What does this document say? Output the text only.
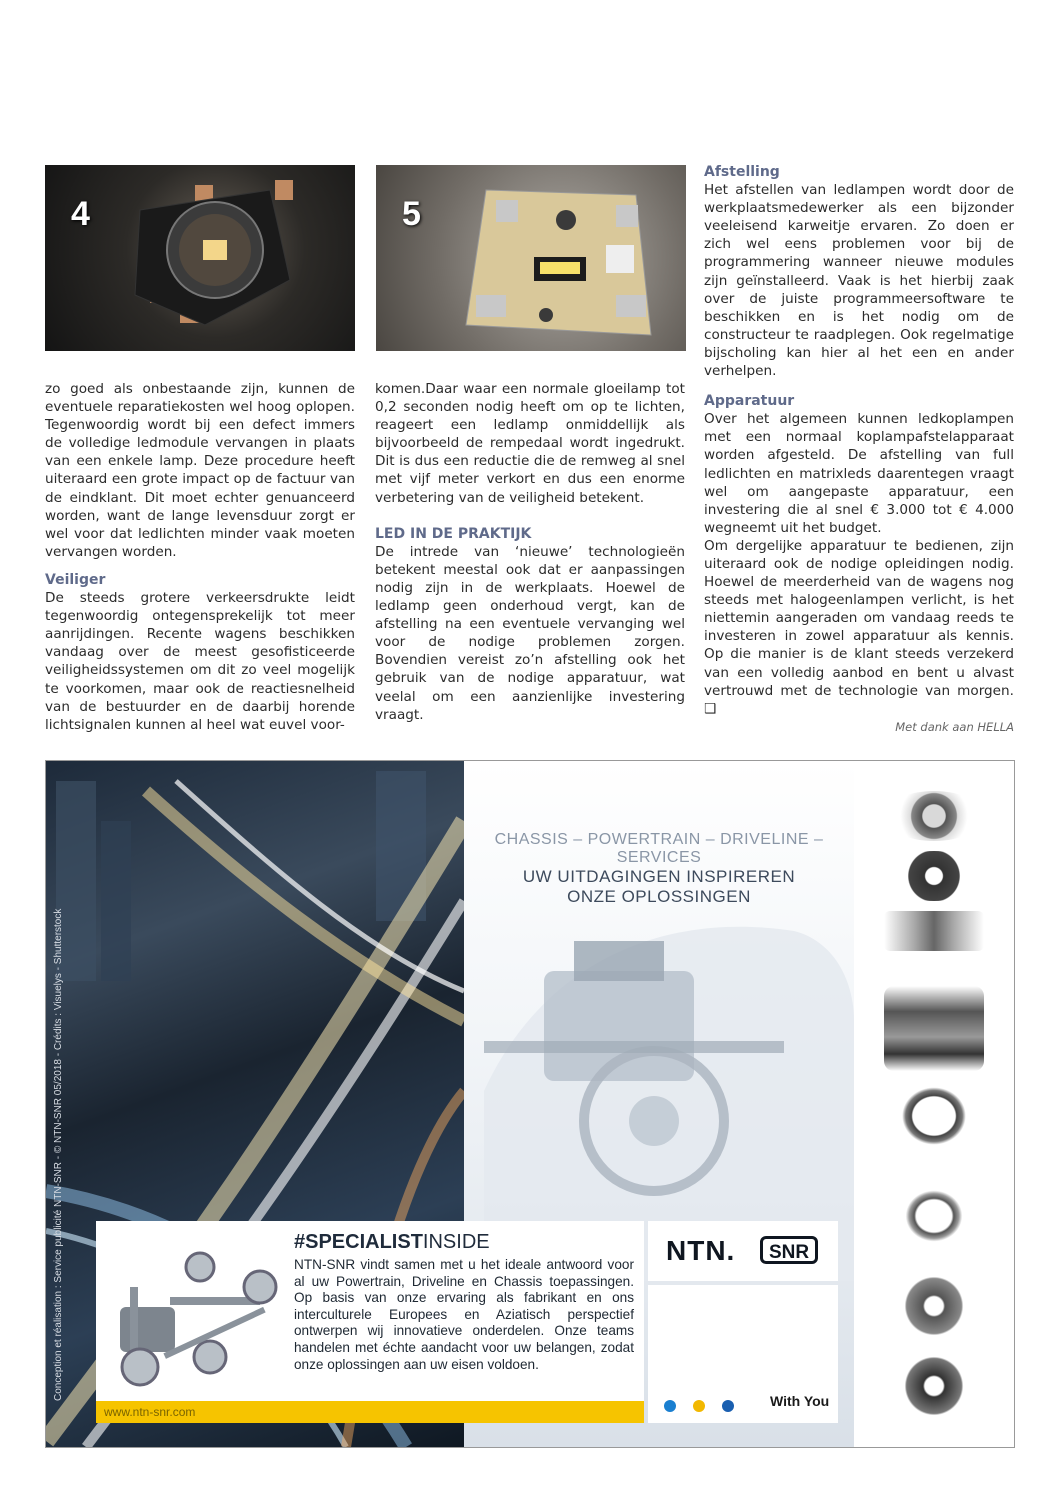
4	5

zo goed als onbestaande zijn, kunnen de eventuele reparatiekosten wel hoog oplopen. Tegenwoordig wordt bij een defect immers de volledige ledmodule vervangen in plaats van een enkele lamp. Deze procedure heeft uiteraard een grote impact op de factuur van de eindklant. Dit moet echter genuanceerd worden, want de lange levensduur zorgt er wel voor dat ledlichten minder vaak moeten vervangen worden.

Veiliger

De steeds grotere verkeersdrukte leidt tegenwoordig ontegensprekelijk tot meer aanrijdingen. Recente wagens beschikken vandaag over de meest gesofisticeerde veiligheidssystemen om dit zo veel mogelijk te voorkomen, maar ook de reactiesnelheid van de bestuurder en de daarbij horende lichtsignalen kunnen al heel wat euvel voor-

komen.Daar waar een normale gloeilamp tot 0,2 seconden nodig heeft om op te lichten, reageert een ledlamp onmiddellijk als bijvoorbeeld de rempedaal wordt ingedrukt. Dit is dus een reductie die de remweg al snel met vijf meter verkort en dus een enorme verbetering van de veiligheid betekent.

LED IN DE PRAKTIJK

De intrede van ‘nieuwe’ technologieën betekent meestal ook dat er aanpassingen nodig zijn in de werkplaats. Hoewel de ledlamp geen onderhoud vergt, kan de afstelling na een eventuele vervanging wel voor de nodige problemen zorgen. Bovendien vereist zo’n afstelling ook het gebruik van de nodige apparatuur, wat veelal om een aanzienlijke investering vraagt.

Afstelling

Het afstellen van ledlampen wordt door de werkplaatsmedewerker als een bijzonder veeleisend karweitje ervaren. Zo doen er zich wel eens problemen voor bij de programmering wanneer nieuwe modules zijn geïnstalleerd. Vaak is het hierbij zaak over de juiste programmeersoftware te beschikken en is het nodig om de constructeur te raadplegen. Ook regelmatige bijscholing kan hier al het een en ander verhelpen.

Apparatuur

Over het algemeen kunnen ledkoplampen met een normaal koplampafstelapparaat worden afgesteld. De afstelling van full ledlichten en matrixleds daarentegen vraagt wel om aangepaste apparatuur, een investering die al snel € 3.000 tot € 4.000 wegneemt uit het budget.

Om dergelijke apparatuur te bedienen, zijn uiteraard ook de nodige opleidingen nodig. Hoewel de meerderheid van de wagens nog steeds met halogeenlampen verlicht, is het niettemin aangeraden om vandaag reeds te investeren in zowel apparatuur als kennis. Op die manier is de klant steeds verzekerd van een volledig aanbod en bent u alvast vertrouwd met de technologie van morgen. ❑

Met dank aan HELLA

CHASSIS – POWERTRAIN – DRIVELINE – SERVICES
UW UITDAGINGEN INSPIREREN
ONZE OPLOSSINGEN
Conception et réalisation : Service publicité NTN-SNR - © NTN-SNR 05/2018 - Crédits : Visuelys - Shutterstock	#SPECIALISTINSIDE
NTN-SNR vindt samen met u het ideale antwoord voor al uw Powertrain, Driveline en Chassis toepassingen. Op basis van onze ervaring als fabrikant en ons interculturele Europees en Aziatisch perspectief ontwerpen wij innovatieve onderdelen. Onze teams handelen met échte aandacht voor uw belangen, zodat onze oplossingen aan uw eisen voldoen.
www.ntn-snr.com
NTN.	SNR

With You
